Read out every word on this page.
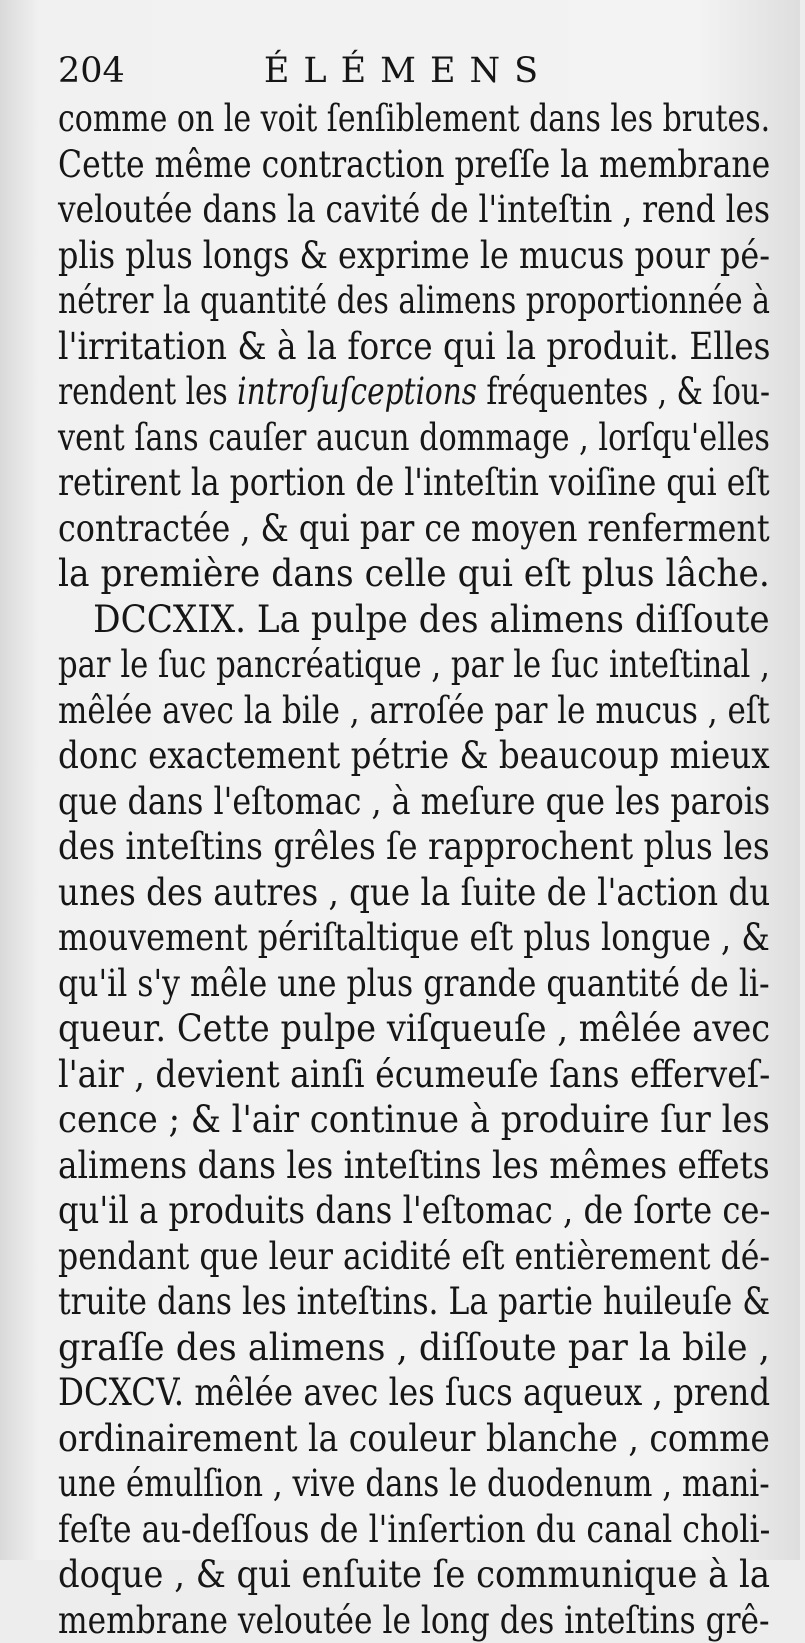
204	ÉLÉMENS
comme on le voit ſenſiblement dans les brutes.
Cette même contraction preſſe la membrane
veloutée dans la cavité de l'inteſtin , rend les
plis plus longs & exprime le mucus pour pé-
nétrer la quantité des alimens proportionnée à
l'irritation & à la force qui la produit. Elles
rendent les introſuſceptions fréquentes , & ſou-
vent ſans cauſer aucun dommage , lorſqu'elles
retirent la portion de l'inteſtin voiſine qui eſt
contractée , & qui par ce moyen renferment
la première dans celle qui eſt plus lâche.
DCCXIX. La pulpe des alimens diſſoute
par le ſuc pancréatique , par le ſuc inteſtinal ,
mêlée avec la bile , arroſée par le mucus , eſt
donc exactement pétrie & beaucoup mieux
que dans l'eſtomac , à meſure que les parois
des inteſtins grêles ſe rapprochent plus les
unes des autres , que la ſuite de l'action du
mouvement périſtaltique eſt plus longue , &
qu'il s'y mêle une plus grande quantité de li-
queur. Cette pulpe viſqueuſe , mêlée avec
l'air , devient ainſi écumeuſe ſans efferveſ-
cence ; & l'air continue à produire ſur les
alimens dans les inteſtins les mêmes effets
qu'il a produits dans l'eſtomac , de ſorte ce-
pendant que leur acidité eſt entièrement dé-
truite dans les inteſtins. La partie huileuſe &
graſſe des alimens , diſſoute par la bile ,
DCXCV. mêlée avec les ſucs aqueux , prend
ordinairement la couleur blanche , comme
une émulſion , vive dans le duodenum , mani-
feſte au-deſſous de l'inſertion du canal choli-
doque , & qui enſuite ſe communique à la
membrane veloutée le long des inteſtins grê-
